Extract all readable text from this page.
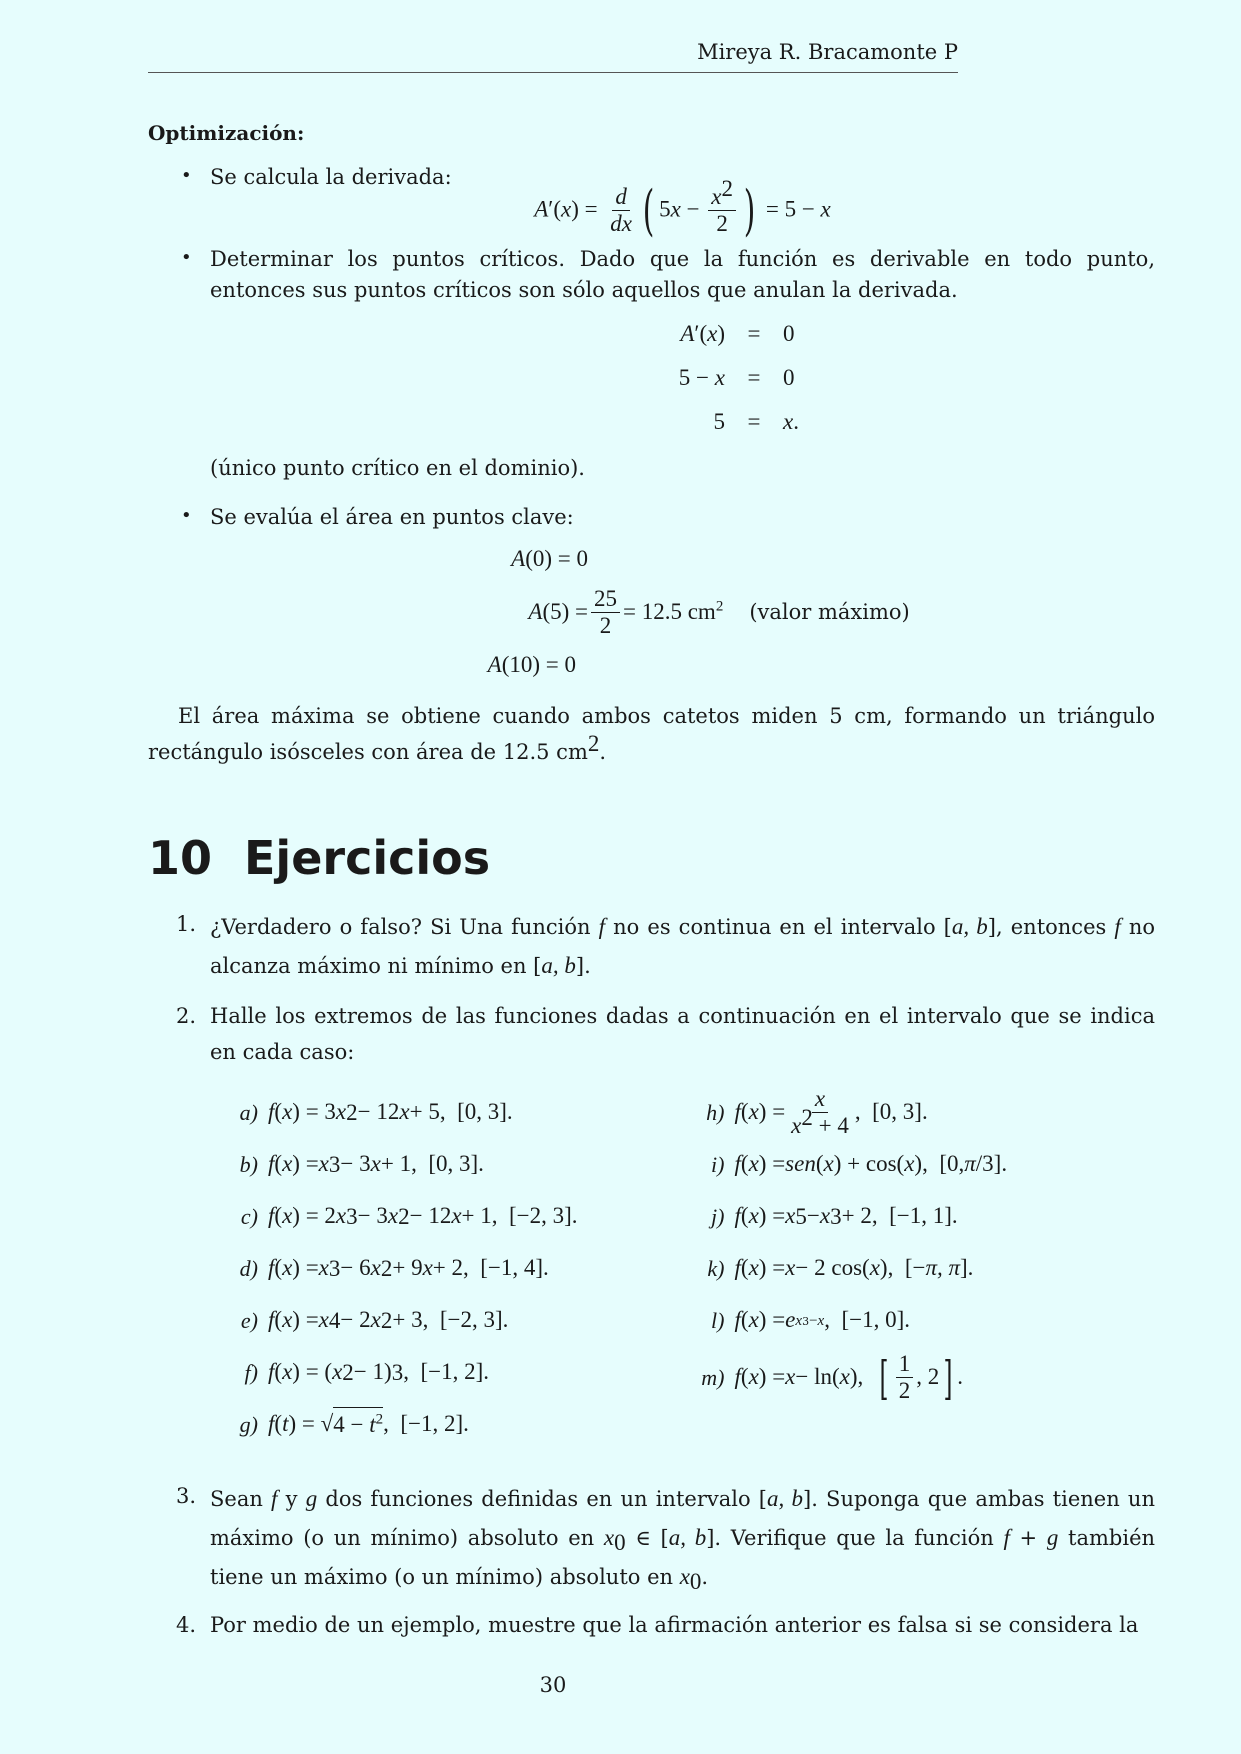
Mireya R. Bracamonte P
Optimización:
• Se calcula la derivada:
$A'(x) = \frac{d}{dx}$ ( $5x - \frac{x^2}{2}$ ) = 5 − x
• Determinar los puntos críticos. Dado que la función es derivable en todo punto, entonces sus puntos críticos son sólo aquellos que anulan la derivada.
A′(x) = 0
5 − x = 0
5 = x.
(único punto crítico en el dominio).
• Se evalúa el área en puntos clave:
A(0) = 0
$A(5) = \frac{25}{2} = 12.5$ $cm^2$ (valor máximo)
A(10) = 0
El área máxima se obtiene cuando ambos catetos miden 5 cm, formando un triángulo rectángulo isósceles con área de 12.5 $cm^2$.
10 Ejercicios
1. ¿Verdadero o falso? Si Una función f no es continua en el intervalo [a, b], entonces f no alcanza máximo ni mínimo en [a, b].
2. Halle los extremos de las funciones dadas a continuación en el intervalo que se indica en cada caso:
a) f ( x ) = 3 x 2 − 12 x + 5,  [0, 3].
b) f ( x ) = x 3 − 3 x + 1,  [0, 3].
c) f ( x ) = 2 x 3 − 3 x 2 − 12 x + 1,  [−2, 3].
d) f ( x ) = x 3 − 6 x 2 + 9 x + 2,  [−1, 4].
e) f ( x ) = x 4 − 2 x 2 + 3,  [−2, 3].
f) f ( x ) = ( x 2 − 1) 3 ,  [−1, 2].
g) f ( t ) = √ $4 - t^2$ ,  [−1, 2].
h) f ( x ) = $\frac{x}{x^2 + 4}$ ,  [0, 3].
i) f ( x ) = sen ( x ) + cos( x ),  [0, π /3].
j) f ( x ) = x 5 − x 3 + 2,  [−1, 1].
k) f ( x ) = x − 2 cos( x ),  [− π, π ].
l) f ( x ) = e x3−x ,  [−1, 0].
m) f ( x ) = x − ln( x ), [ $\frac{1}{2}$ , 2 ] .
3. Sean f y g dos funciones definidas en un intervalo [a, b]. Suponga que ambas tienen un máximo (o un mínimo) absoluto en $x_0$ ∈ [a, b]. Verifique que la función f + g también tiene un máximo (o un mínimo) absoluto en $x_0$.
4. Por medio de un ejemplo, muestre que la afirmación anterior es falsa si se considera la
30
